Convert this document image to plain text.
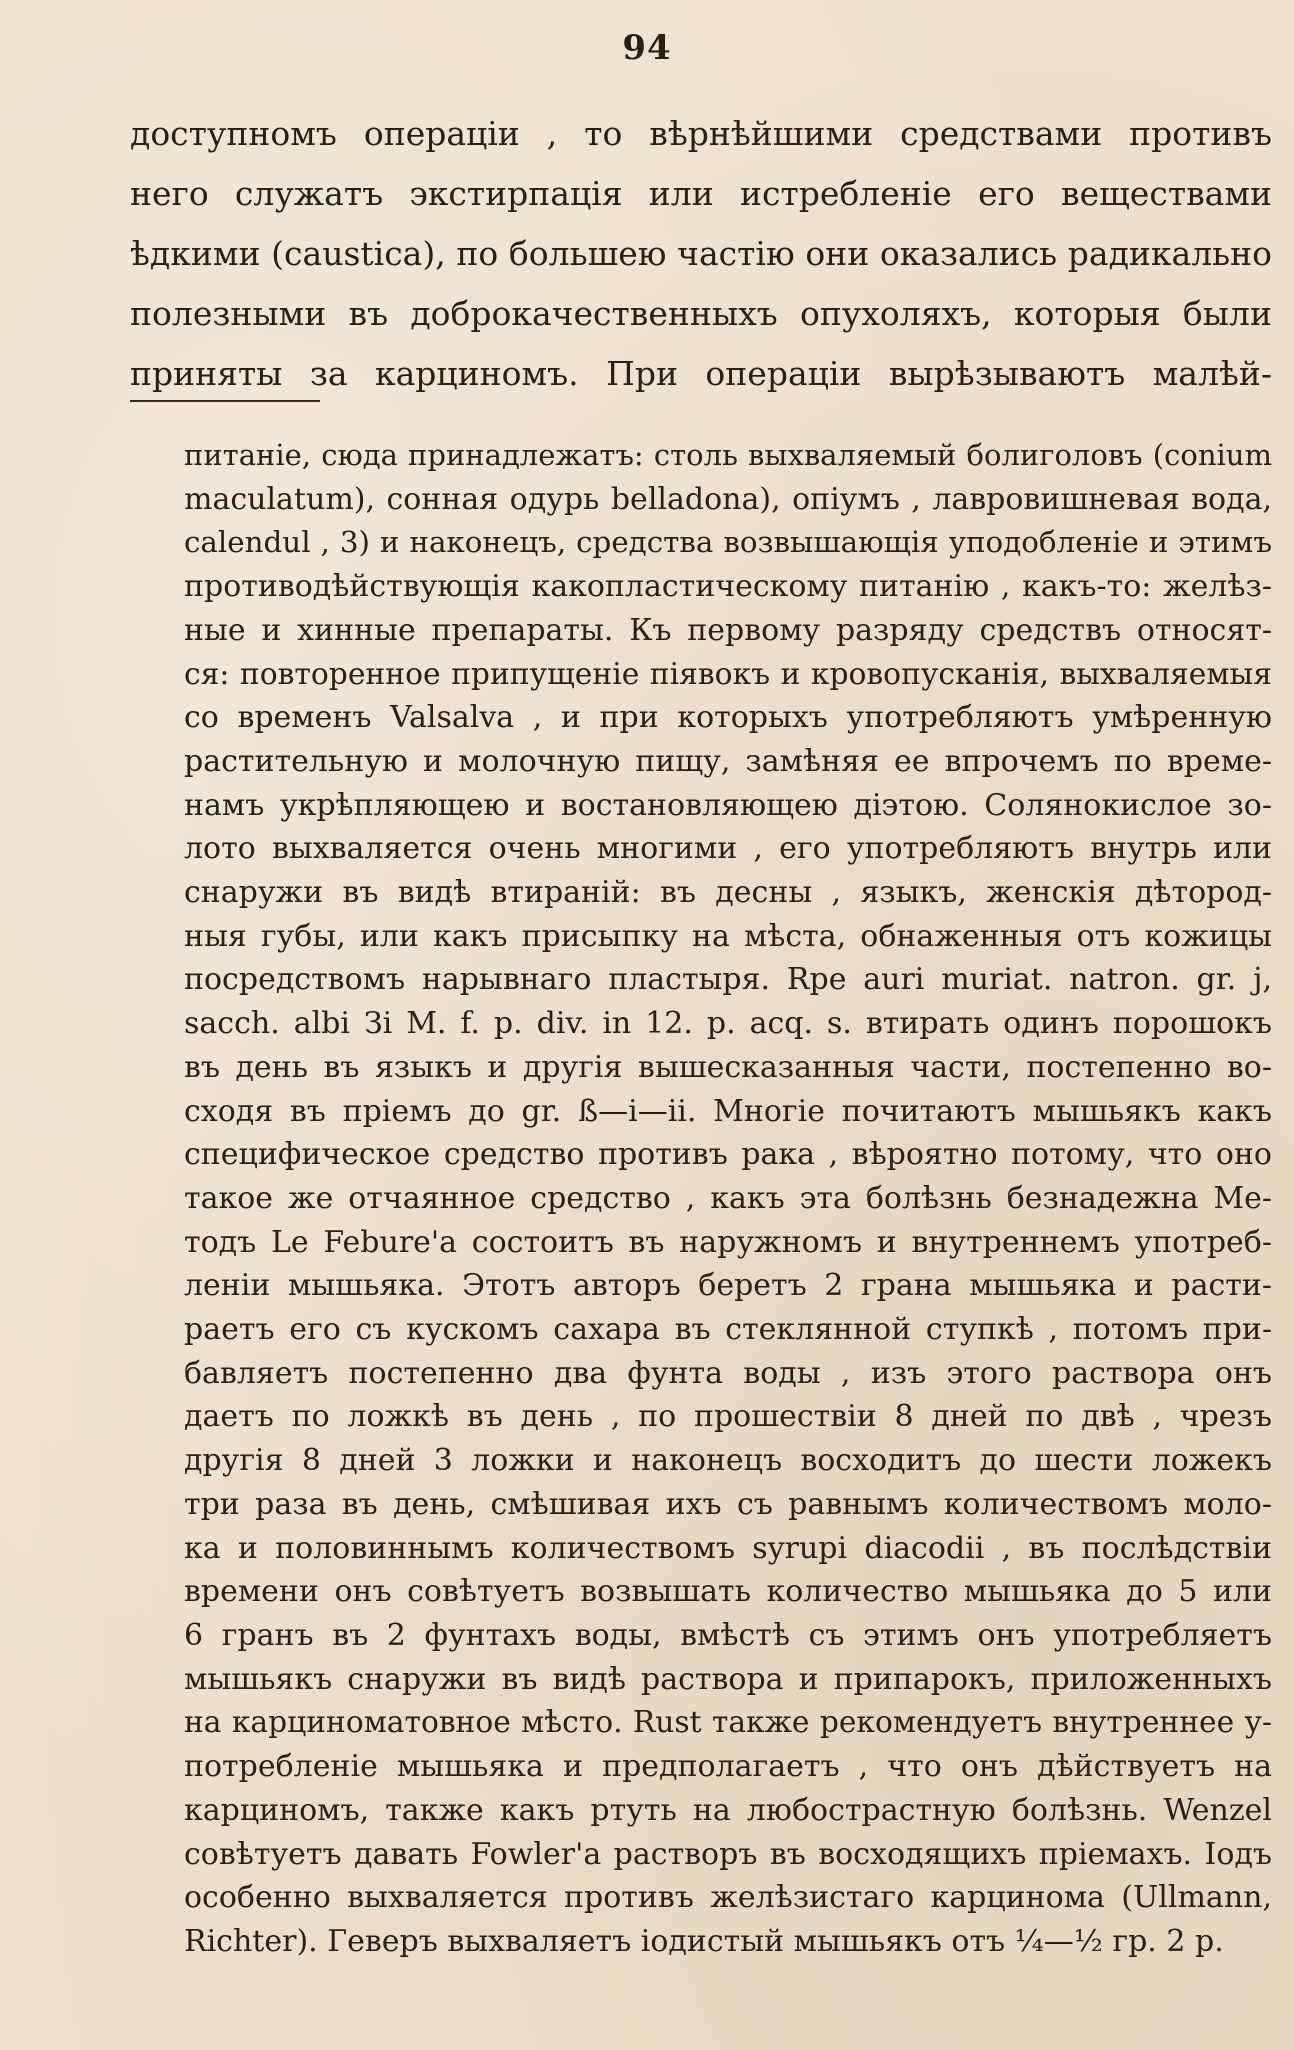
94
доступномъ операціи , то вѣрнѣйшими средствами противъ
него служатъ экстирпація или истребленіе его веществами
ѣдкими (caustica), по большею частію они оказались радикально
полезными въ доброкачественныхъ опухоляхъ, которыя были
приняты за карциномъ. При операціи вырѣзываютъ малѣй-
питаніе, сюда принадлежатъ: столь выхваляемый болиголовъ (conium
maculatum), сонная одурь belladona), опіумъ , лавровишневая вода,
calendul , 3) и наконецъ, средства возвышающія уподобленіе и этимъ
противодѣйствующія какопластическому питанію , какъ-то: желѣз-
ные и хинные препараты. Къ первому разряду средствъ относят-
ся: повторенное припущеніе піявокъ и кровопусканія, выхваляемыя
со временъ Valsalva , и при которыхъ употребляютъ умѣренную
растительную и молочную пищу, замѣняя ее впрочемъ по време-
намъ укрѣпляющею и востановляющею діэтою. Солянокислое зо-
лото выхваляется очень многими , его употребляютъ внутрь или
снаружи въ видѣ втираній: въ десны , языкъ, женскія дѣтород-
ныя губы, или какъ присыпку на мѣста, обнаженныя отъ кожицы
посредствомъ нарывнаго пластыря. Rpe auri muriat. natron. gr. j,
sacch. albi Зі M. f. p. div. in 12. p. acq. s. втирать одинъ порошокъ
въ день въ языкъ и другія вышесказанныя части, постепенно во-
сходя въ пріемъ до gr. ß—i—ii. Многіе почитаютъ мышьякъ какъ
специфическое средство противъ рака , вѣроятно потому, что оно
такое же отчаянное средство , какъ эта болѣзнь безнадежна Ме-
тодъ Le Febure'а состоитъ въ наружномъ и внутреннемъ употреб-
леніи мышьяка. Этотъ авторъ беретъ 2 грана мышьяка и расти-
раетъ его съ кускомъ сахара въ стеклянной ступкѣ , потомъ при-
бавляетъ постепенно два фунта воды , изъ этого раствора онъ
даетъ по ложкѣ въ день , по прошествіи 8 дней по двѣ , чрезъ
другія 8 дней 3 ложки и наконецъ восходитъ до шести ложекъ
три раза въ день, смѣшивая ихъ съ равнымъ количествомъ моло-
ка и половиннымъ количествомъ syrupi diacodii , въ послѣдствіи
времени онъ совѣтуетъ возвышать количество мышьяка до 5 или
6 гранъ въ 2 фунтахъ воды, вмѣстѣ съ этимъ онъ употребляетъ
мышьякъ снаружи въ видѣ раствора и припарокъ, приложенныхъ
на карциноматовное мѣсто. Rust также рекомендуетъ внутреннее у-
потребленіе мышьяка и предполагаетъ , что онъ дѣйствуетъ на
карциномъ, также какъ ртуть на любострастную болѣзнь. Wenzel
совѣтуетъ давать Fowler'а растворъ въ восходящихъ пріемахъ. Іодъ
особенно выхваляется противъ желѣзистаго карцинома (Ullmann,
Richter). Геверъ выхваляетъ іодистый мышьякъ отъ ¼—½ гр. 2 р.
